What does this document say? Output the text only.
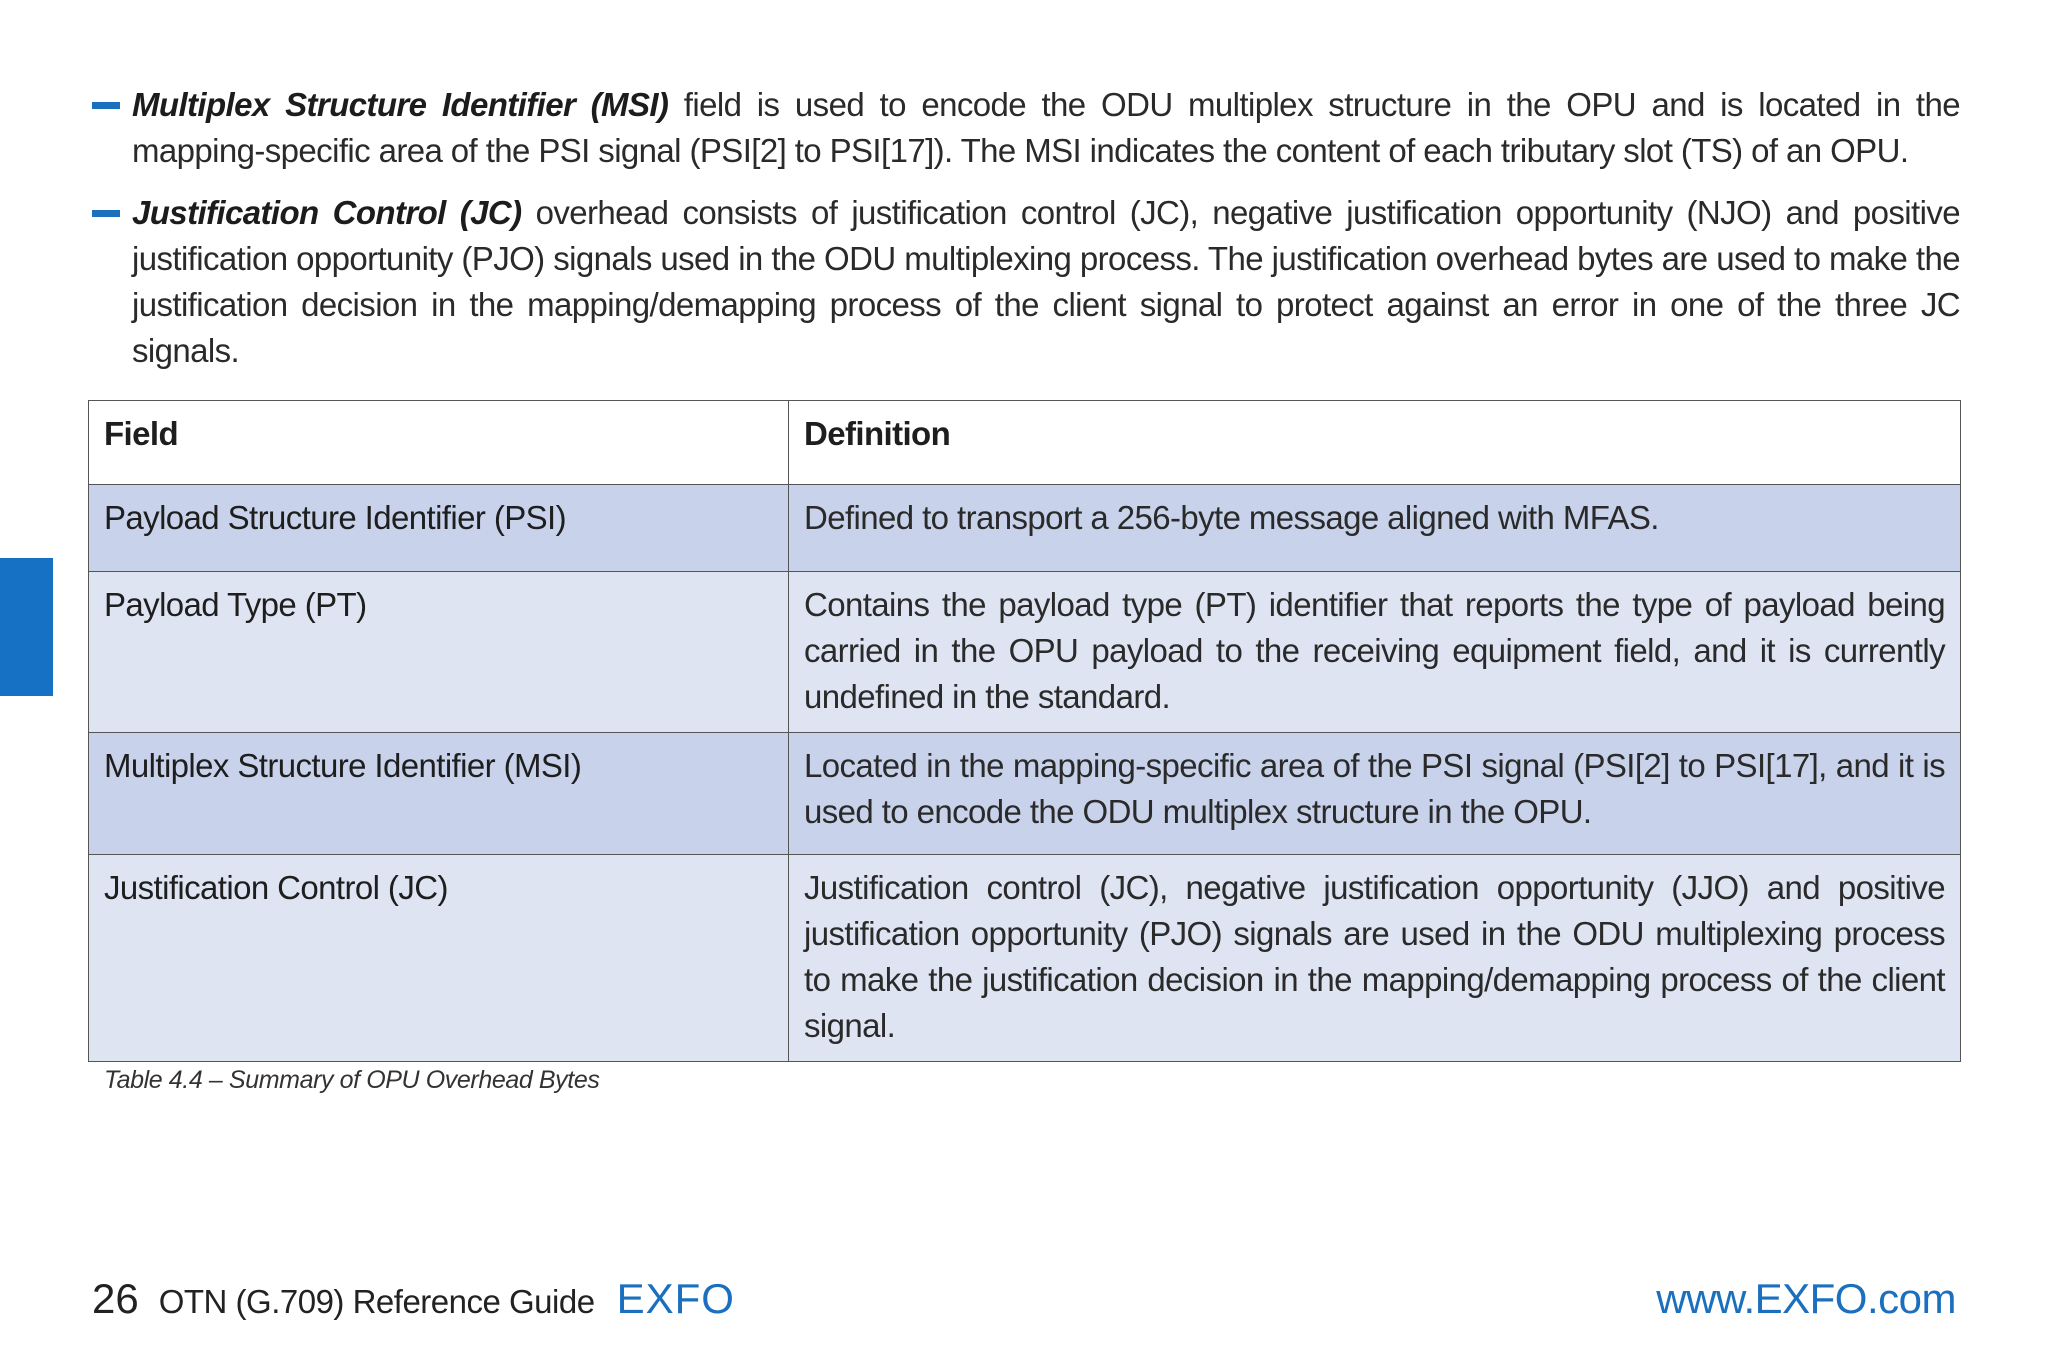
Multiplex Structure Identifier (MSI) field is used to encode the ODU multiplex structure in the OPU and is located in the mapping-specific area of the PSI signal (PSI[2] to PSI[17]). The MSI indicates the content of each tributary slot (TS) of an OPU.
Justification Control (JC) overhead consists of justification control (JC), negative justification opportunity (NJO) and positive justification opportunity (PJO) signals used in the ODU multiplexing process. The justification overhead bytes are used to make the justification decision in the mapping/demapping process of the client signal to protect against an error in one of the three JC signals.
Field	Definition
Payload Structure Identifier (PSI)	Defined to transport a 256-byte message aligned with MFAS.
Payload Type (PT)	Contains the payload type (PT) identifier that reports the type of payload being carried in the OPU payload to the receiving equipment field, and it is currently undefined in the standard.
Multiplex Structure Identifier (MSI)	Located in the mapping-specific area of the PSI signal (PSI[2] to PSI[17], and it is used to encode the ODU multiplex structure in the OPU.
Justification Control (JC)	Justification control (JC), negative justification opportunity (JJO) and positive justification opportunity (PJO) signals are used in the ODU multiplexing process to make the justification decision in the mapping/demapping process of the client signal.
Table 4.4 – Summary of OPU Overhead Bytes
26 OTN (G.709) Reference Guide EXFO	www.EXFO.com
